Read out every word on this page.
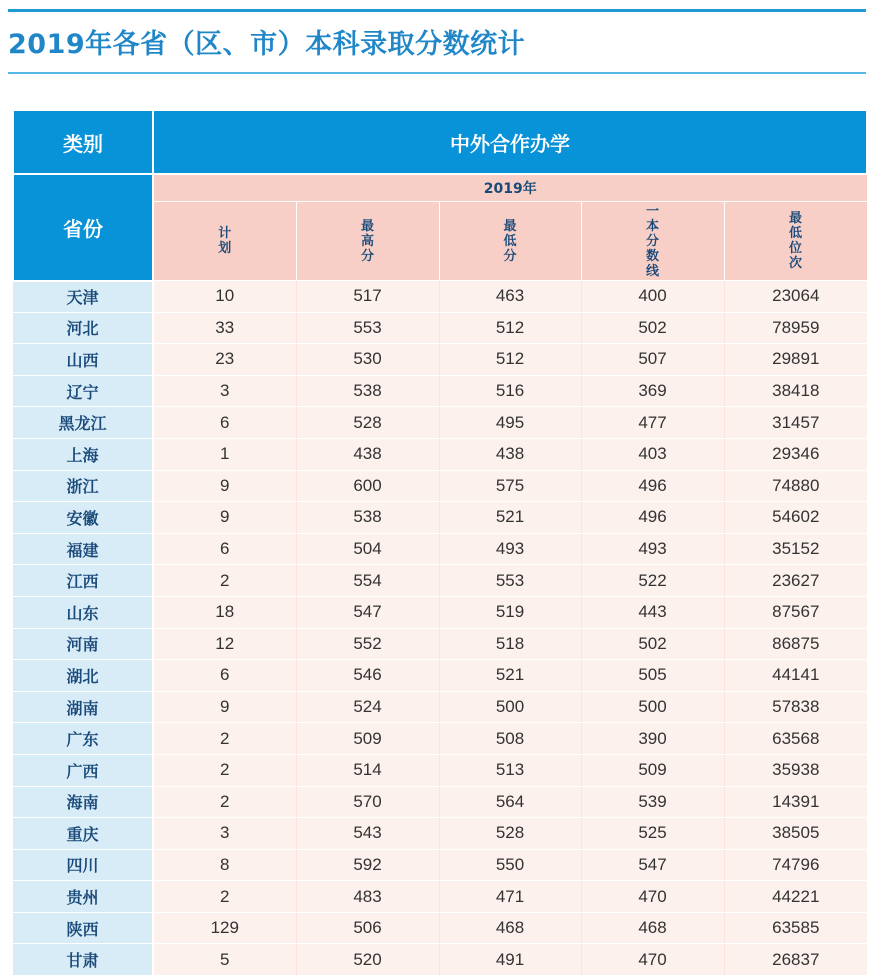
2019年各省（区、市）本科录取分数统计
类别	中外合作办学				
省份	2019年				
	计划	最高分	最低分	一本分数线	最低位次
天津	10	517	463	400	23064
河北	33	553	512	502	78959
山西	23	530	512	507	29891
辽宁	3	538	516	369	38418
黑龙江	6	528	495	477	31457
上海	1	438	438	403	29346
浙江	9	600	575	496	74880
安徽	9	538	521	496	54602
福建	6	504	493	493	35152
江西	2	554	553	522	23627
山东	18	547	519	443	87567
河南	12	552	518	502	86875
湖北	6	546	521	505	44141
湖南	9	524	500	500	57838
广东	2	509	508	390	63568
广西	2	514	513	509	35938
海南	2	570	564	539	14391
重庆	3	543	528	525	38505
四川	8	592	550	547	74796
贵州	2	483	471	470	44221
陕西	129	506	468	468	63585
甘肃	5	520	491	470	26837
